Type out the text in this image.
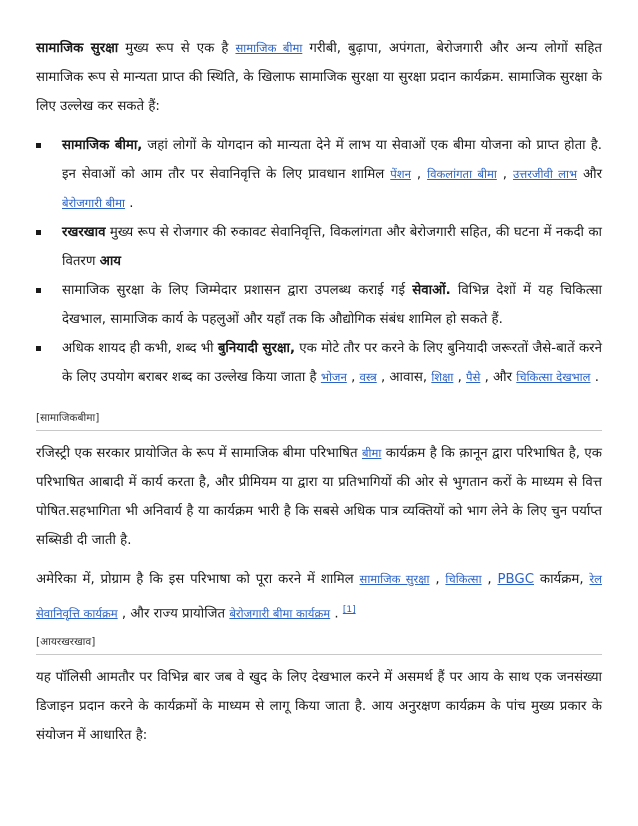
सामाजिक सुरक्षा मुख्य रूप से एक है सामाजिक बीमा गरीबी, बुढ़ापा, अपंगता, बेरोजगारी और अन्य लोगों सहित सामाजिक रूप से मान्यता प्राप्त की स्थिति, के खिलाफ सामाजिक सुरक्षा या सुरक्षा प्रदान कार्यक्रम. सामाजिक सुरक्षा के लिए उल्लेख कर सकते हैं:

सामाजिक बीमा, जहां लोगों के योगदान को मान्यता देने में लाभ या सेवाओं एक बीमा योजना को प्राप्त होता है. इन सेवाओं को आम तौर पर सेवानिवृत्ति के लिए प्रावधान शामिल पेंशन , विकलांगता बीमा , उत्तरजीवी लाभ और बेरोजगारी बीमा .
रखरखाव मुख्य रूप से रोजगार की रुकावट सेवानिवृत्ति, विकलांगता और बेरोजगारी सहित, की घटना में नकदी का वितरण आय
सामाजिक सुरक्षा के लिए जिम्मेदार प्रशासन द्वारा उपलब्ध कराई गई सेवाओं. विभिन्न देशों में यह चिकित्सा देखभाल, सामाजिक कार्य के पहलुओं और यहाँ तक कि औद्योगिक संबंध शामिल हो सकते हैं.
अधिक शायद ही कभी, शब्द भी बुनियादी सुरक्षा, एक मोटे तौर पर करने के लिए बुनियादी जरूरतों जैसे-बातें करने के लिए उपयोग बराबर शब्द का उल्लेख किया जाता है भोजन , वस्त्र , आवास, शिक्षा , पैसे , और चिकित्सा देखभाल .
[सामाजिकबीमा]

रजिस्ट्री एक सरकार प्रायोजित के रूप में सामाजिक बीमा परिभाषित बीमा कार्यक्रम है कि क़ानून द्वारा परिभाषित है, एक परिभाषित आबादी में कार्य करता है, और प्रीमियम या द्वारा या प्रतिभागियों की ओर से भुगतान करों के माध्यम से वित्त पोषित.सहभागिता भी अनिवार्य है या कार्यक्रम भारी है कि सबसे अधिक पात्र व्यक्तियों को भाग लेने के लिए चुन पर्याप्त सब्सिडी दी जाती है.

अमेरिका में, प्रोग्राम है कि इस परिभाषा को पूरा करने में शामिल सामाजिक सुरक्षा , चिकित्सा , PBGC कार्यक्रम, रेल सेवानिवृत्ति कार्यक्रम , और राज्य प्रायोजित बेरोजगारी बीमा कार्यक्रम . [1]

[आयरखरखाव]

यह पॉलिसी आमतौर पर विभिन्न बार जब वे खुद के लिए देखभाल करने में असमर्थ हैं पर आय के साथ एक जनसंख्या डिजाइन प्रदान करने के कार्यक्रमों के माध्यम से लागू किया जाता है. आय अनुरक्षण कार्यक्रम के पांच मुख्य प्रकार के संयोजन में आधारित है:
